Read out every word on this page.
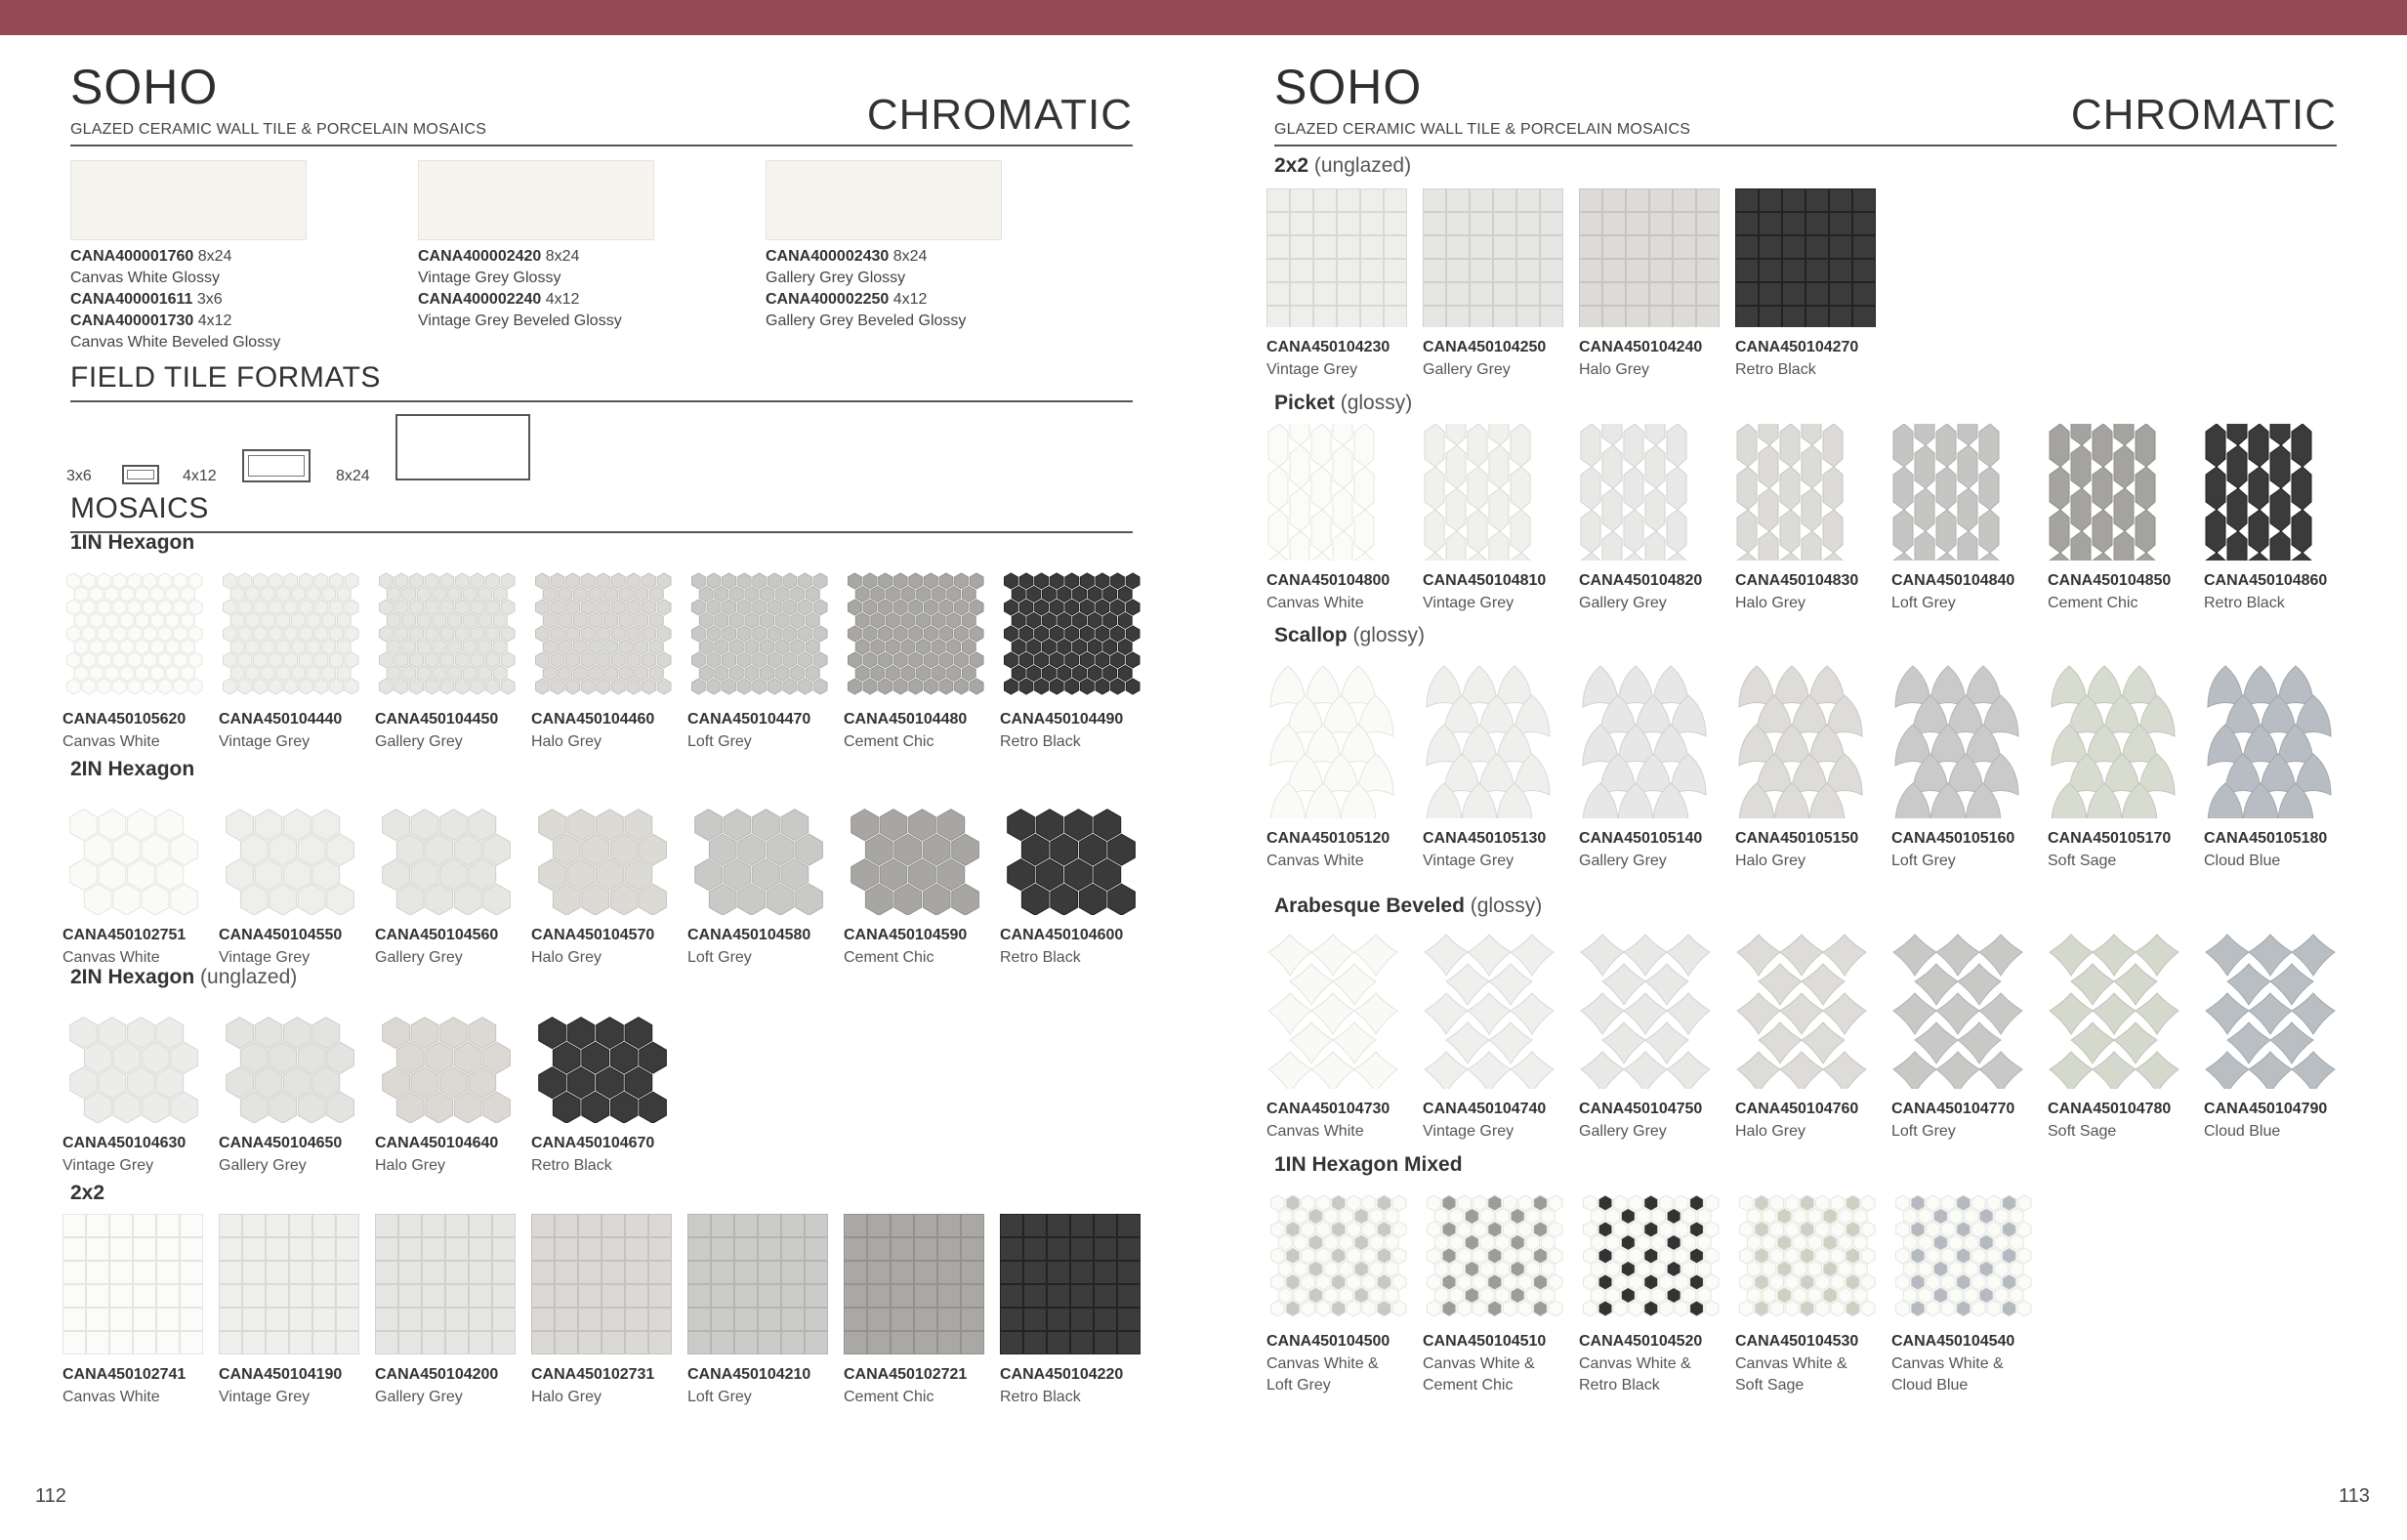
SOHO
GLAZED CERAMIC WALL TILE & PORCELAIN MOSAICS	CHROMATIC
CANA400001760 8x24
Canvas White Glossy
CANA400001611 3x6
CANA400001730 4x12
Canvas White Beveled Glossy
CANA400002420 8x24
Vintage Grey Glossy
CANA400002240 4x12
Vintage Grey Beveled Glossy
CANA400002430 8x24
Gallery Grey Glossy
CANA400002250 4x12
Gallery Grey Beveled Glossy
FIELD TILE FORMATS
3x6	4x12	8x24
MOSAICS
1IN Hexagon
CANA450105620
Canvas White
CANA450104440
Vintage Grey
CANA450104450
Gallery Grey
CANA450104460
Halo Grey
CANA450104470
Loft Grey
CANA450104480
Cement Chic
CANA450104490
Retro Black
2IN Hexagon
CANA450102751
Canvas White
CANA450104550
Vintage Grey
CANA450104560
Gallery Grey
CANA450104570
Halo Grey
CANA450104580
Loft Grey
CANA450104590
Cement Chic
CANA450104600
Retro Black
2IN Hexagon (unglazed)
CANA450104630
Vintage Grey
CANA450104650
Gallery Grey
CANA450104640
Halo Grey
CANA450104670
Retro Black
2x2
CANA450102741
Canvas White
CANA450104190
Vintage Grey
CANA450104200
Gallery Grey
CANA450102731
Halo Grey
CANA450104210
Loft Grey
CANA450102721
Cement Chic
CANA450104220
Retro Black
112
SOHO
GLAZED CERAMIC WALL TILE & PORCELAIN MOSAICS	CHROMATIC
2x2 (unglazed)
CANA450104230
Vintage Grey
CANA450104250
Gallery Grey
CANA450104240
Halo Grey
CANA450104270
Retro Black
Picket (glossy)
CANA450104800
Canvas White
CANA450104810
Vintage Grey
CANA450104820
Gallery Grey
CANA450104830
Halo Grey
CANA450104840
Loft Grey
CANA450104850
Cement Chic
CANA450104860
Retro Black
Scallop (glossy)
CANA450105120
Canvas White
CANA450105130
Vintage Grey
CANA450105140
Gallery Grey
CANA450105150
Halo Grey
CANA450105160
Loft Grey
CANA450105170
Soft Sage
CANA450105180
Cloud Blue
Arabesque Beveled (glossy)
CANA450104730
Canvas White
CANA450104740
Vintage Grey
CANA450104750
Gallery Grey
CANA450104760
Halo Grey
CANA450104770
Loft Grey
CANA450104780
Soft Sage
CANA450104790
Cloud Blue
1IN Hexagon Mixed
CANA450104500
Canvas White &
Loft Grey
CANA450104510
Canvas White &
Cement Chic
CANA450104520
Canvas White &
Retro Black
CANA450104530
Canvas White &
Soft Sage
CANA450104540
Canvas White &
Cloud Blue
113
